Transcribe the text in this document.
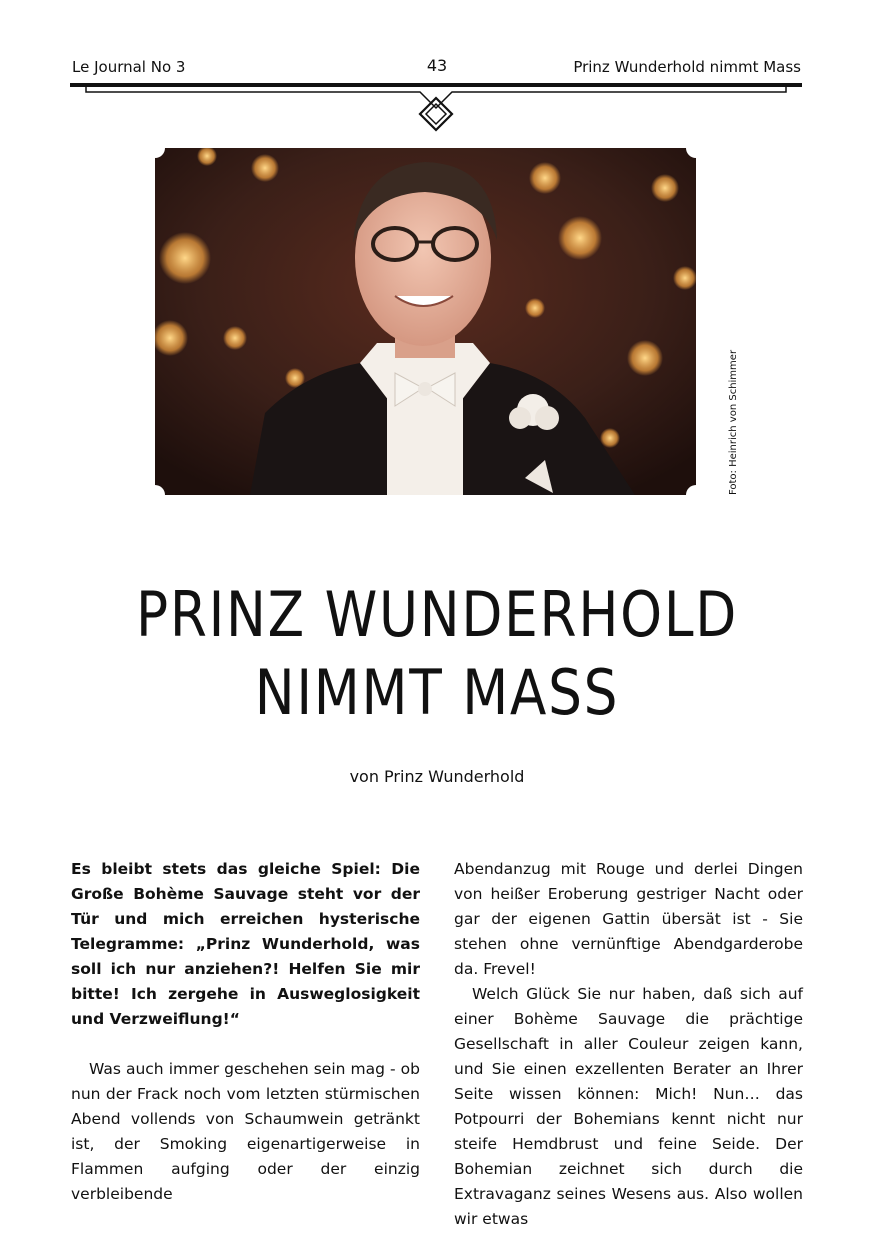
Le Journal No 3	43	Prinz Wunderhold nimmt Mass
Foto: Heinrich von Schimmer
PRINZ WUNDERHOLD
NIMMT MASS
von Prinz Wunderhold

Es bleibt stets das gleiche Spiel: Die Große Bohème Sauvage steht vor der Tür und mich erreichen hysterische Telegramme: „Prinz Wunderhold, was soll ich nur anziehen?! Helfen Sie mir bitte! Ich zergehe in Ausweglosigkeit und Verzweiflung!“

Was auch immer geschehen sein mag - ob nun der Frack noch vom letzten stürmischen Abend vollends von Schaumwein getränkt ist, der Smoking eigenartigerweise in Flammen aufging oder der einzig verbleibende

Abendanzug mit Rouge und derlei Dingen von heißer Eroberung gestriger Nacht oder gar der eigenen Gattin übersät ist - Sie stehen ohne vernünftige Abendgarderobe da. Frevel!

Welch Glück Sie nur haben, daß sich auf einer Bohème Sauvage die prächtige Gesellschaft in aller Couleur zeigen kann, und Sie einen exzellenten Berater an Ihrer Seite wissen können: Mich! Nun… das Potpourri der Bohemians kennt nicht nur steife Hemdbrust und feine Seide. Der Bohemian zeichnet sich durch die Extravaganz seines Wesens aus. Also wollen wir etwas
